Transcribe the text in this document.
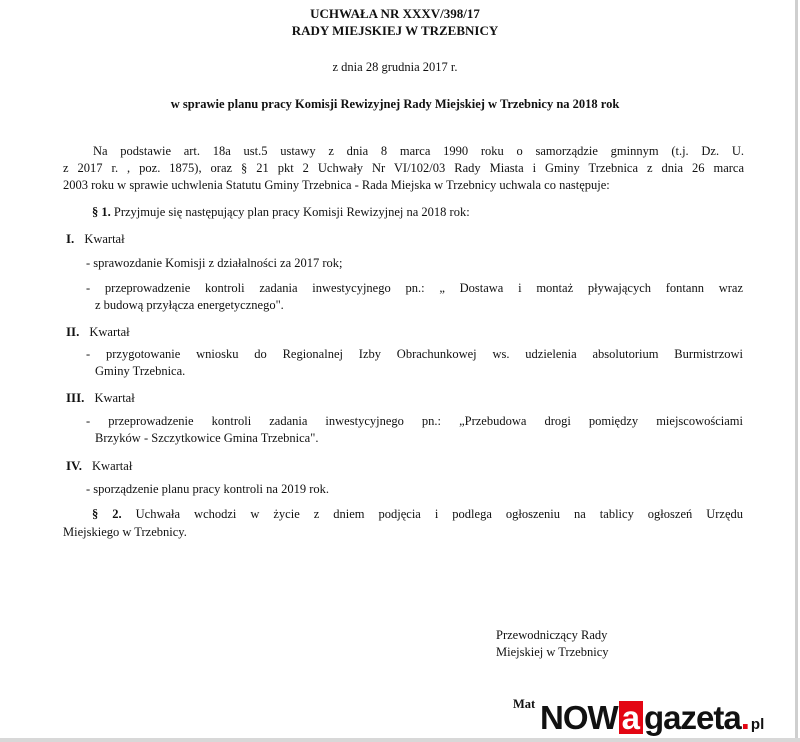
UCHWAŁA NR XXXV/398/17
RADY MIEJSKIEJ W TRZEBNICY
z dnia 28 grudnia 2017 r.
w sprawie planu pracy Komisji Rewizyjnej Rady Miejskiej w Trzebnicy na 2018 rok
Na podstawie art. 18a ust.5 ustawy z dnia 8 marca 1990 roku o samorządzie gminnym (t.j. Dz. U.
z 2017 r. , poz. 1875), oraz § 21 pkt 2 Uchwały Nr VI/102/03 Rady Miasta i Gminy Trzebnica z dnia 26 marca
2003 roku w sprawie uchwlenia Statutu Gminy Trzebnica - Rada Miejska w Trzebnicy uchwala co następuje:
§ 1. Przyjmuje się następujący plan pracy Komisji Rewizyjnej na 2018 rok:
I. Kwartał
- sprawozdanie Komisji z działalności za 2017 rok;
- przeprowadzenie kontroli zadania inwestycyjnego pn.: „ Dostawa i montaż pływających fontann wraz
z budową przyłącza energetycznego".
II. Kwartał
- przygotowanie wniosku do Regionalnej Izby Obrachunkowej ws. udzielenia absolutorium Burmistrzowi
Gminy Trzebnica.
III. Kwartał
- przeprowadzenie kontroli zadania inwestycyjnego pn.: „Przebudowa drogi pomiędzy miejscowościami
Brzyków - Szczytkowice Gmina Trzebnica".
IV. Kwartał
- sporządzenie planu pracy kontroli na 2019 rok.
§ 2. Uchwała wchodzi w życie z dniem podjęcia i podlega ogłoszeniu na tablicy ogłoszeń Urzędu
Miejskiego w Trzebnicy.
Przewodniczący Rady
Miejskiej w Trzebnicy
Mat NOW a gazeta . pl
